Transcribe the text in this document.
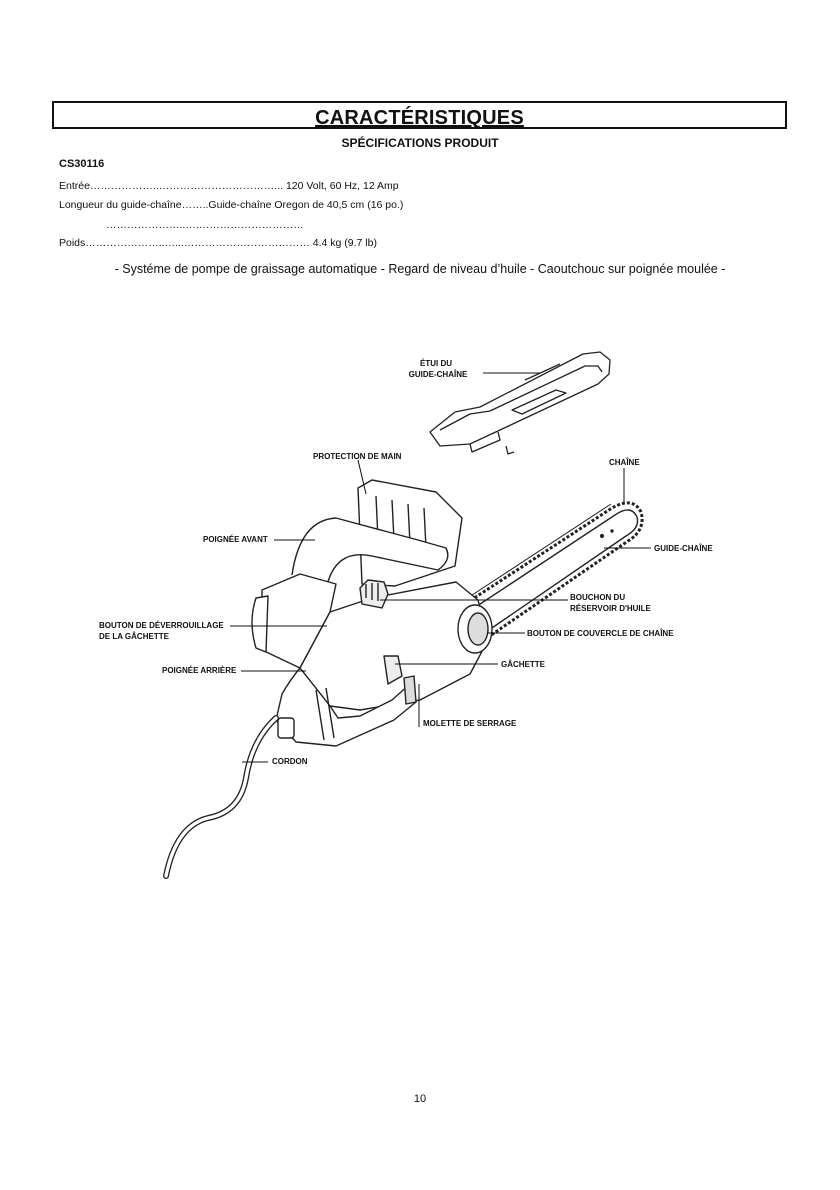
CARACTÉRISTIQUES
SPÉCIFICATIONS PRODUIT
CS30116
Entrée………………..……………………………... 120 Volt, 60 Hz, 12 Amp
Longueur du guide-chaîne……..Guide-chaîne Oregon de 40,5 cm (16 po.)
…………………..….…………………………
Poids…………………..…...……………………………… 4.4 kg (9.7 lb)
- Systéme de pompe de graissage automatique - Regard de niveau d’huile - Caoutchouc sur poignée moulée -
ÉTUI DU
GUIDE-CHAÎNE
PROTECTION DE MAIN
CHAÎNE
POIGNÉE AVANT
GUIDE-CHAÎNE
BOUCHON DU
RÉSERVOIR D'HUILE
BOUTON DE DÉVERROUILLAGE
DE LA GÂCHETTE	BOUTON DE COUVERCLE DE CHAÎNE
POIGNÉE ARRIÈRE
GÂCHETTE
MOLETTE DE SERRAGE
CORDON
10
